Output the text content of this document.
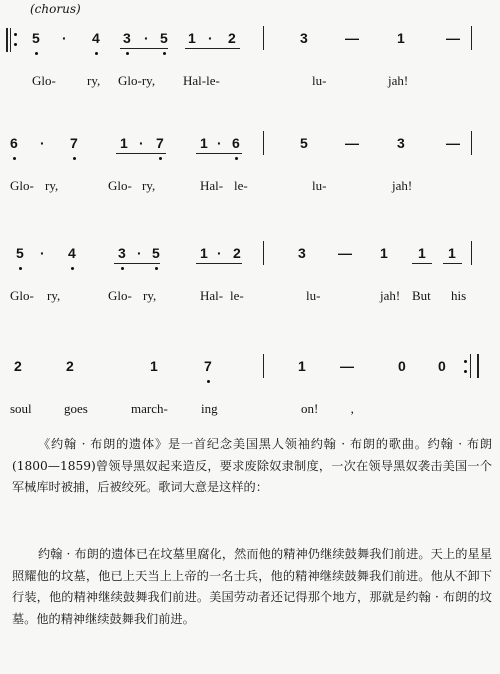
(chorus)
5 · 4 3 · 5 1 · 2	3	—	1	—
Glo- ry, Glo-ry, Hal-le-	lu-	jah!
6 · 7	1 · 7	1 · 6	5	—	3	—
Glo- ry,	Glo- ry,	Hal- le-	lu-	jah!
5 · 4	3 · 5	1 · 2	3 — 1 1 1
Glo- ry,	Glo- ry,	Hal- le-	lu-	jah! But his
2	2	1	7	1 —	0 0
soul goes	march-	ing	on! ‚

《约翰 · 布朗的遗体》是一首纪念美国黑人领袖约翰 · 布朗的歌曲。约翰 · 布朗(1800—1859)曾领导黑奴起来造反，要求废除奴隶制度，一次在领导黑奴袭击美国一个军械库时被捕，后被绞死。歌词大意是这样的：

约翰 · 布朗的遗体已在坟墓里腐化，然而他的精神仍继续鼓舞我们前进。天上的星星照耀他的坟墓，他已上天当上上帝的一名士兵，他的精神继续鼓舞我们前进。他从不卸下行装，他的精神继续鼓舞我们前进。美国劳动者还记得那个地方，那就是约翰 · 布朗的坟墓。他的精神继续鼓舞我们前进。
